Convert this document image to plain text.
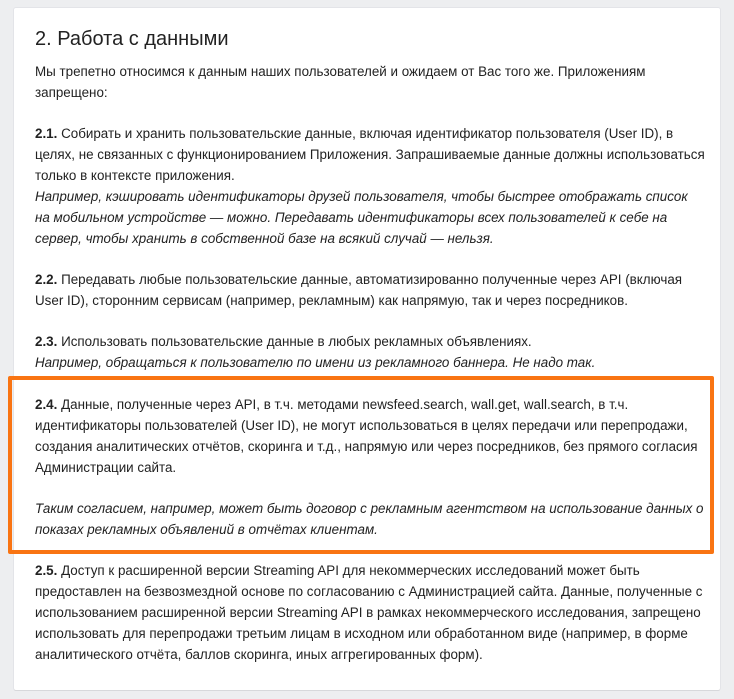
2. Работа с данными

Мы трепетно относимся к данным наших пользователей и ожидаем от Вас того же. Приложениям запрещено:

2.1. Собирать и хранить пользовательские данные, включая идентификатор пользователя (User ID), в целях, не связанных с функционированием Приложения. Запрашиваемые данные должны использоваться только в контексте приложения.
Например, кэшировать идентификаторы друзей пользователя, чтобы быстрее отображать список на мобильном устройстве — можно. Передавать идентификаторы всех пользователей к себе на сервер, чтобы хранить в собственной базе на всякий случай — нельзя.

2.2. Передавать любые пользовательские данные, автоматизированно полученные через API (включая User ID), сторонним сервисам (например, рекламным) как напрямую, так и через посредников.

2.3. Использовать пользовательские данные в любых рекламных объявлениях.
Например, обращаться к пользователю по имени из рекламного баннера. Не надо так.

2.4. Данные, полученные через API, в т.ч. методами newsfeed.search, wall.get, wall.search, в т.ч. идентификаторы пользователей (User ID), не могут использоваться в целях передачи или перепродажи, создания аналитических отчётов, скоринга и т.д., напрямую или через посредников, без прямого согласия Администрации сайта.

Таким согласием, например, может быть договор с рекламным агентством на использование данных о показах рекламных объявлений в отчётах клиентам.

2.5. Доступ к расширенной версии Streaming API для некоммерческих исследований может быть предоставлен на безвозмездной основе по согласованию с Администрацией сайта. Данные, полученные с использованием расширенной версии Streaming API в рамках некоммерческого исследования, запрещено использовать для перепродажи третьим лицам в исходном или обработанном виде (например, в форме аналитического отчёта, баллов скоринга, иных аггрегированных форм).
